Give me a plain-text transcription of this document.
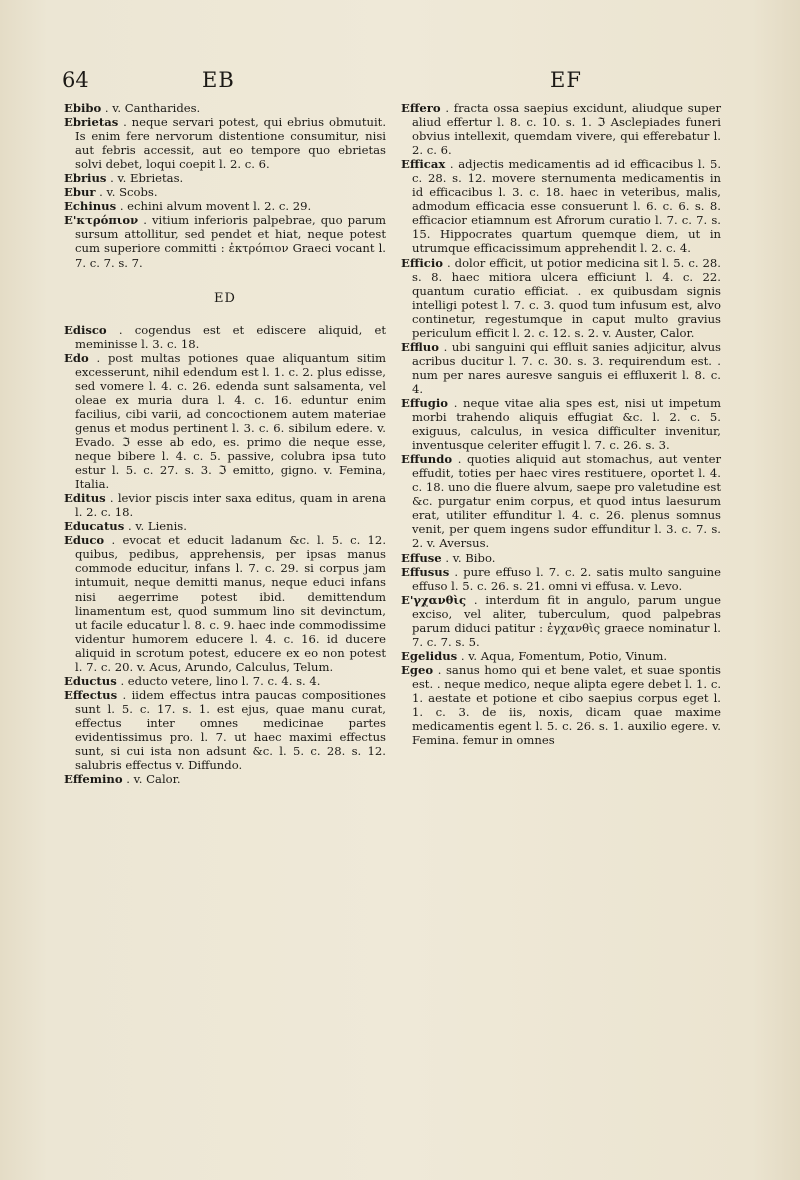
64	EB	EF

Ebibo . v. Cantharides.

Ebrietas . neque servari potest, qui ebrius obmutuit. Is enim fere nervorum distentione consumitur, nisi aut febris accessit, aut eo tempore quo ebrietas solvi debet, loqui coepit l. 2. c. 6.

Ebrius . v. Ebrietas.

Ebur . v. Scobs.

Echinus . echini alvum movent l. 2. c. 29.

Ε'κτρόπιον . vitium inferioris palpebrae, quo parum sursum attollitur, sed pendet et hiat, neque potest cum superiore committi : ἐκτρόπιον Graeci vocant l. 7. c. 7. s. 7.

ED

Edisco . cogendus est et ediscere aliquid, et meminisse l. 3. c. 18.

Edo . post multas potiones quae aliquantum sitim excesserunt, nihil edendum est l. 1. c. 2. plus edisse, sed vomere l. 4. c. 26. edenda sunt salsamenta, vel oleae ex muria dura l. 4. c. 16. eduntur enim facilius, cibi varii, ad concoctionem autem materiae genus et modus pertinent l. 3. c. 6. sibilum edere. v. Evado. ℑ esse ab edo, es. primo die neque esse, neque bibere l. 4. c. 5. passive, colubra ipsa tuto estur l. 5. c. 27. s. 3. ℑ emitto, gigno. v. Femina, Italia.

Editus . levior piscis inter saxa editus, quam in arena l. 2. c. 18.

Educatus . v. Lienis.

Educo . evocat et educit ladanum &c. l. 5. c. 12. quibus, pedibus, apprehensis, per ipsas manus commode educitur, infans l. 7. c. 29. si corpus jam intumuit, neque demitti manus, neque educi infans nisi aegerrime potest ibid. demittendum linamentum est, quod summum lino sit devinctum, ut facile educatur l. 8. c. 9. haec inde commodissime videntur humorem educere l. 4. c. 16. id ducere aliquid in scrotum potest, educere ex eo non potest l. 7. c. 20. v. Acus, Arundo, Calculus, Telum.

Eductus . educto vetere, lino l. 7. c. 4. s. 4.

Effectus . iidem effectus intra paucas compositiones sunt l. 5. c. 17. s. 1. est ejus, quae manu curat, effectus inter omnes medicinae partes evidentissimus pro. l. 7. ut haec maximi effectus sunt, si cui ista non adsunt &c. l. 5. c. 28. s. 12. salubris effectus v. Diffundo.

Effemino . v. Calor.

Effero . fracta ossa saepius excidunt, aliudque super aliud effertur l. 8. c. 10. s. 1. ℑ Asclepiades funeri obvius intellexit, quemdam vivere, qui efferebatur l. 2. c. 6.

Efficax . adjectis medicamentis ad id efficacibus l. 5. c. 28. s. 12. movere sternumenta medicamentis in id efficacibus l. 3. c. 18. haec in veteribus, malis, admodum efficacia esse consuerunt l. 6. c. 6. s. 8. efficacior etiamnum est Afrorum curatio l. 7. c. 7. s. 15. Hippocrates quartum quemque diem, ut in utrumque efficacissimum apprehendit l. 2. c. 4.

Efficio . dolor efficit, ut potior medicina sit l. 5. c. 28. s. 8. haec mitiora ulcera efficiunt l. 4. c. 22. quantum curatio efficiat. . ex quibusdam signis intelligi potest l. 7. c. 3. quod tum infusum est, alvo continetur, regestumque in caput multo gravius periculum efficit l. 2. c. 12. s. 2. v. Auster, Calor.

Effluo . ubi sanguini qui effluit sanies adjicitur, alvus acribus ducitur l. 7. c. 30. s. 3. requirendum est. . num per nares auresve sanguis ei effluxerit l. 8. c. 4.

Effugio . neque vitae alia spes est, nisi ut impetum morbi trahendo aliquis effugiat &c. l. 2. c. 5. exiguus, calculus, in vesica difficulter invenitur, inventusque celeriter effugit l. 7. c. 26. s. 3.

Effundo . quoties aliquid aut stomachus, aut venter effudit, toties per haec vires restituere, oportet l. 4. c. 18. uno die fluere alvum, saepe pro valetudine est &c. purgatur enim corpus, et quod intus laesurum erat, utiliter effunditur l. 4. c. 26. plenus somnus venit, per quem ingens sudor effunditur l. 3. c. 7. s. 2. v. Aversus.

Effuse . v. Bibo.

Effusus . pure effuso l. 7. c. 2. satis multo sanguine effuso l. 5. c. 26. s. 21. omni vi effusa. v. Levo.

Ε'γχανθὶς . interdum fit in angulo, parum ungue exciso, vel aliter, tuberculum, quod palpebras parum diduci patitur : ἐγχανθὶς graece nominatur l. 7. c. 7. s. 5.

Egelidus . v. Aqua, Fomentum, Potio, Vinum.

Egeo . sanus homo qui et bene valet, et suae spontis est. . neque medico, neque alipta egere debet l. 1. c. 1. aestate et potione et cibo saepius corpus eget l. 1. c. 3. de iis, noxis, dicam quae maxime medicamentis egent l. 5. c. 26. s. 1. auxilio egere. v. Femina. femur in omnes
